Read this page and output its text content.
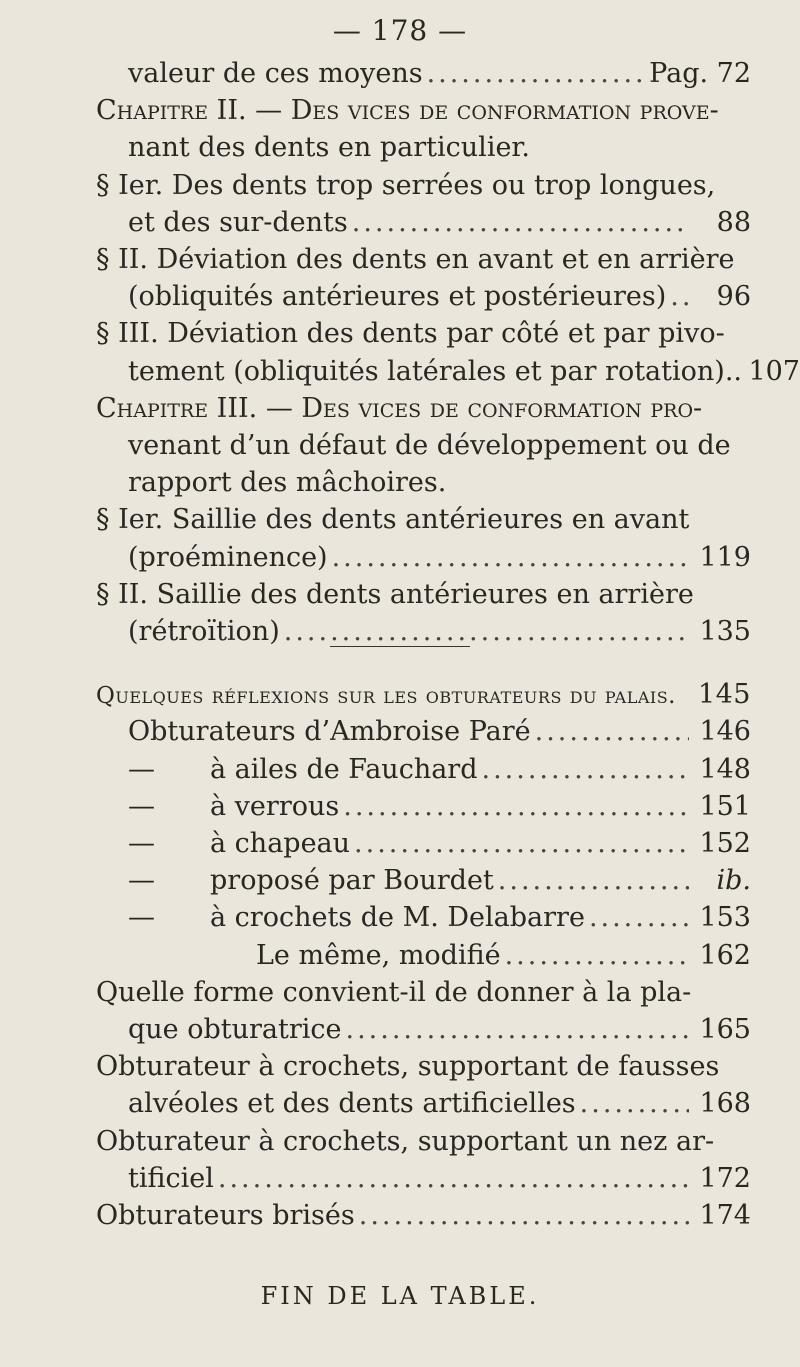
— 178 —
valeur de ces moyens .....	Pag. 72
Chapitre II. — Des vices de conformation prove-
nant des dents en particulier.
§ Ier. Des dents trop serrées ou trop longues,
et des sur-dents .....	88
§ II. Déviation des dents en avant et en arrière
(obliquités antérieures et postérieures) .....	96
§ III. Déviation des dents par côté et par pivo-
tement (obliquités latérales et par rotation).. 107
Chapitre III. — Des vices de conformation pro-
venant d’un défaut de développement ou de
rapport des mâchoires.
§ Ier. Saillie des dents antérieures en avant
(proéminence) .....	119
§ II. Saillie des dents antérieures en arrière
(rétroïtion) .....	135
Quelques réflexions sur les obturateurs du palais. 145
Obturateurs d’Ambroise Paré .....	146
—	à ailes de Fauchard .....	148
—	à verrous .....	151
—	à chapeau .....	152
—	proposé par Bourdet .....	ib.
—	à crochets de M. Delabarre .....	153
Le même, modifié .....	162
Quelle forme convient-il de donner à la pla-
que obturatrice .....	165
Obturateur à crochets, supportant de fausses
alvéoles et des dents artificielles .....	168
Obturateur à crochets, supportant un nez ar-
tificiel .....	172
Obturateurs brisés .....	174
FIN DE LA TABLE.
